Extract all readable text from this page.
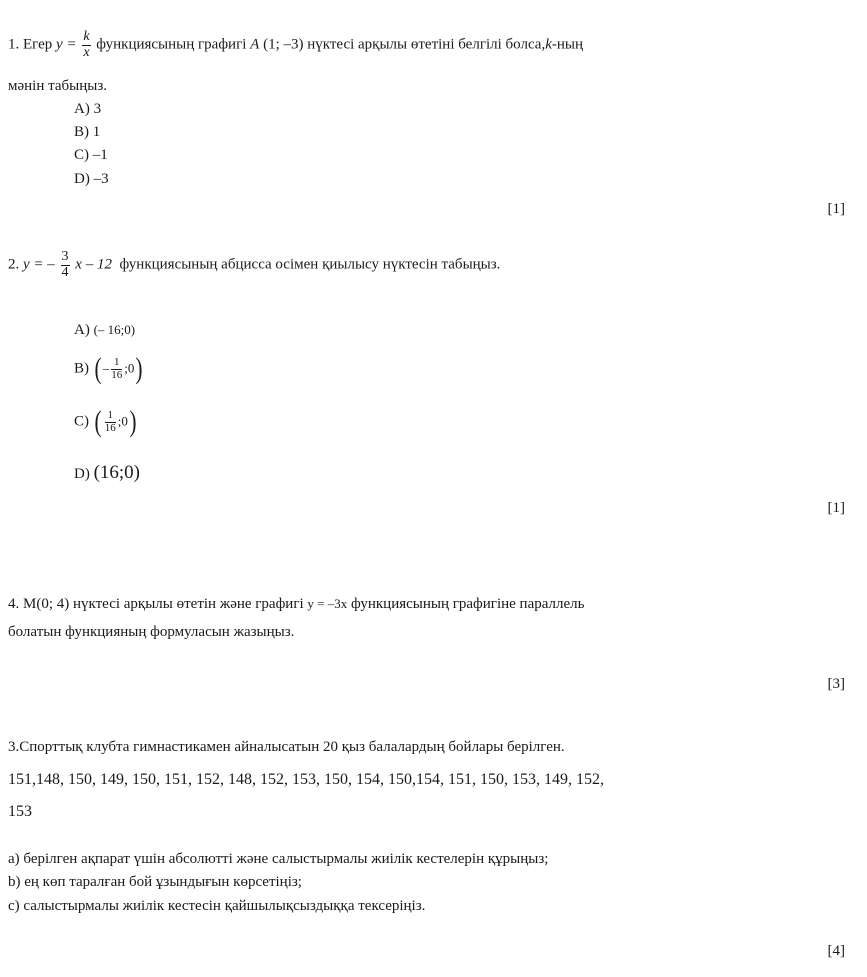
1. Егер $y = \frac{k}{x}$ функциясының графигі A (1; –3) нүктесі арқылы өтетіні белгілі болса,k-ның
мәнін табыңыз.
A) 3
B) 1
C) –1
D) –3
[1]
2. y = – $\frac{3}{4}$ x – 12 функциясының абцисса осімен қиылысу нүктесін табыңыз.
A) (– 16;0)
B) ( – $\frac{1}{16}$ ;0)
C) ( $\frac{1}{16}$ ;0)
D) (16;0)
[1]
4. M(0; 4) нүктесі арқылы өтетін және графигі y = –3x функциясының графигіне параллель
болатын функцияның формуласын жазыңыз.
[3]
3.Спорттық клубта гимнастикамен айналысатын 20 қыз балалардың бойлары берілген.
151,148, 150, 149, 150, 151, 152, 148, 152, 153, 150, 154, 150,154, 151, 150, 153, 149, 152,
153
a) берілген ақпарат үшін абсолютті және салыстырмалы жиілік кестелерін құрыңыз;
b) ең көп таралған бой ұзындығын көрсетіңіз;
c) салыстырмалы жиілік кестесін қайшылықсыздыққа тексеріңіз.
[4]
